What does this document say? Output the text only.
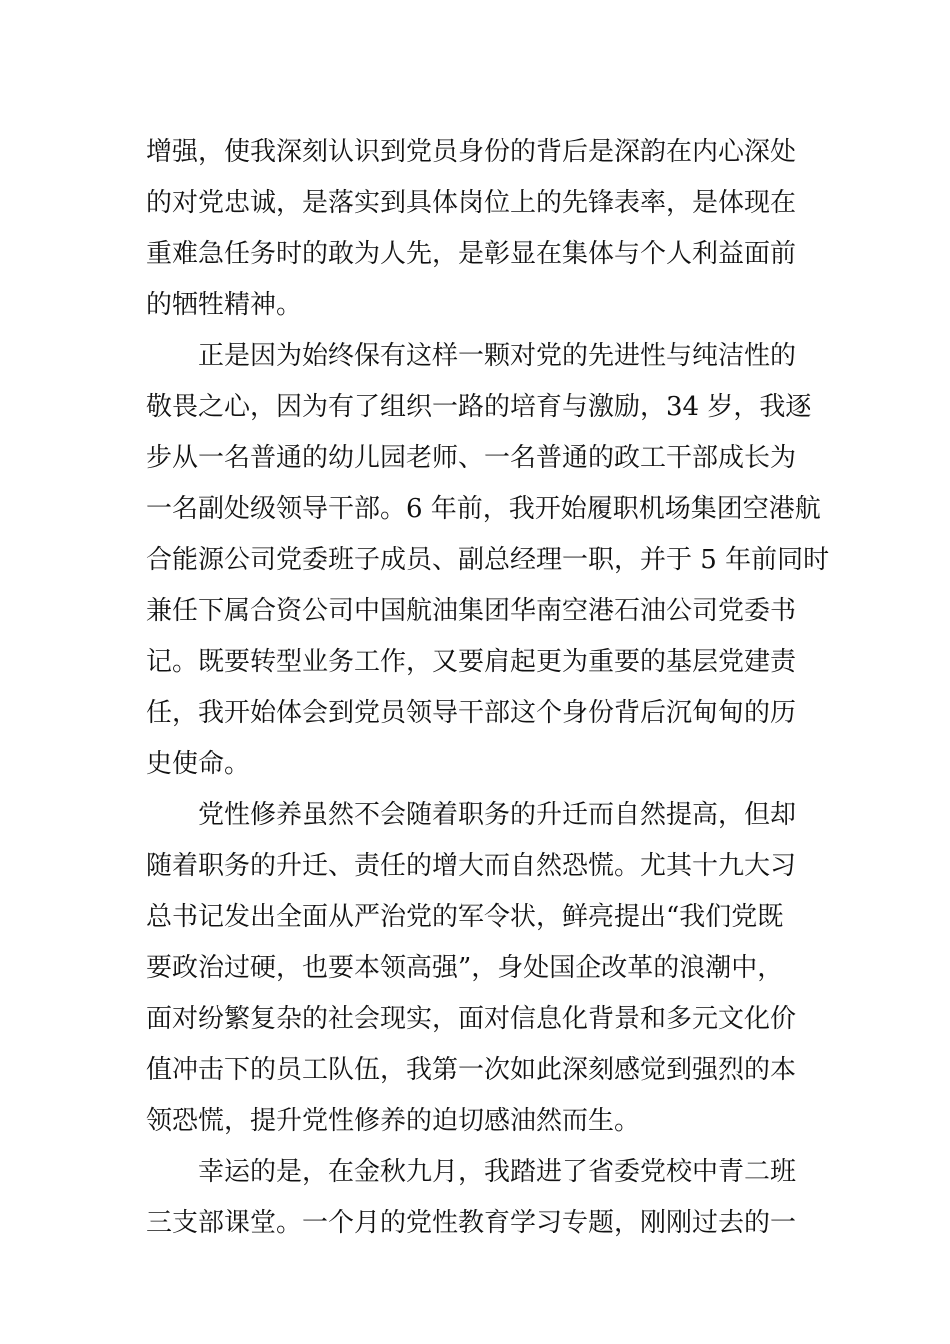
增强，使我深刻认识到党员身份的背后是深韵在内心深处
的对党忠诚，是落实到具体岗位上的先锋表率，是体现在
重难急任务时的敢为人先，是彰显在集体与个人利益面前
的牺牲精神。

正是因为始终保有这样一颗对党的先进性与纯洁性的
敬畏之心，因为有了组织一路的培育与激励，34 岁，我逐
步从一名普通的幼儿园老师、一名普通的政工干部成长为
一名副处级领导干部。6 年前，我开始履职机场集团空港航
合能源公司党委班子成员、副总经理一职，并于 5 年前同时
兼任下属合资公司中国航油集团华南空港石油公司党委书
记。既要转型业务工作，又要肩起更为重要的基层党建责
任，我开始体会到党员领导干部这个身份背后沉甸甸的历
史使命。

党性修养虽然不会随着职务的升迁而自然提高，但却
随着职务的升迁、责任的增大而自然恐慌。尤其十九大习
总书记发出全面从严治党的军令状，鲜亮提出“我们党既
要政治过硬，也要本领高强”，身处国企改革的浪潮中，
面对纷繁复杂的社会现实，面对信息化背景和多元文化价
值冲击下的员工队伍，我第一次如此深刻感觉到强烈的本
领恐慌，提升党性修养的迫切感油然而生。

幸运的是，在金秋九月，我踏进了省委党校中青二班
三支部课堂。一个月的党性教育学习专题，刚刚过去的一
